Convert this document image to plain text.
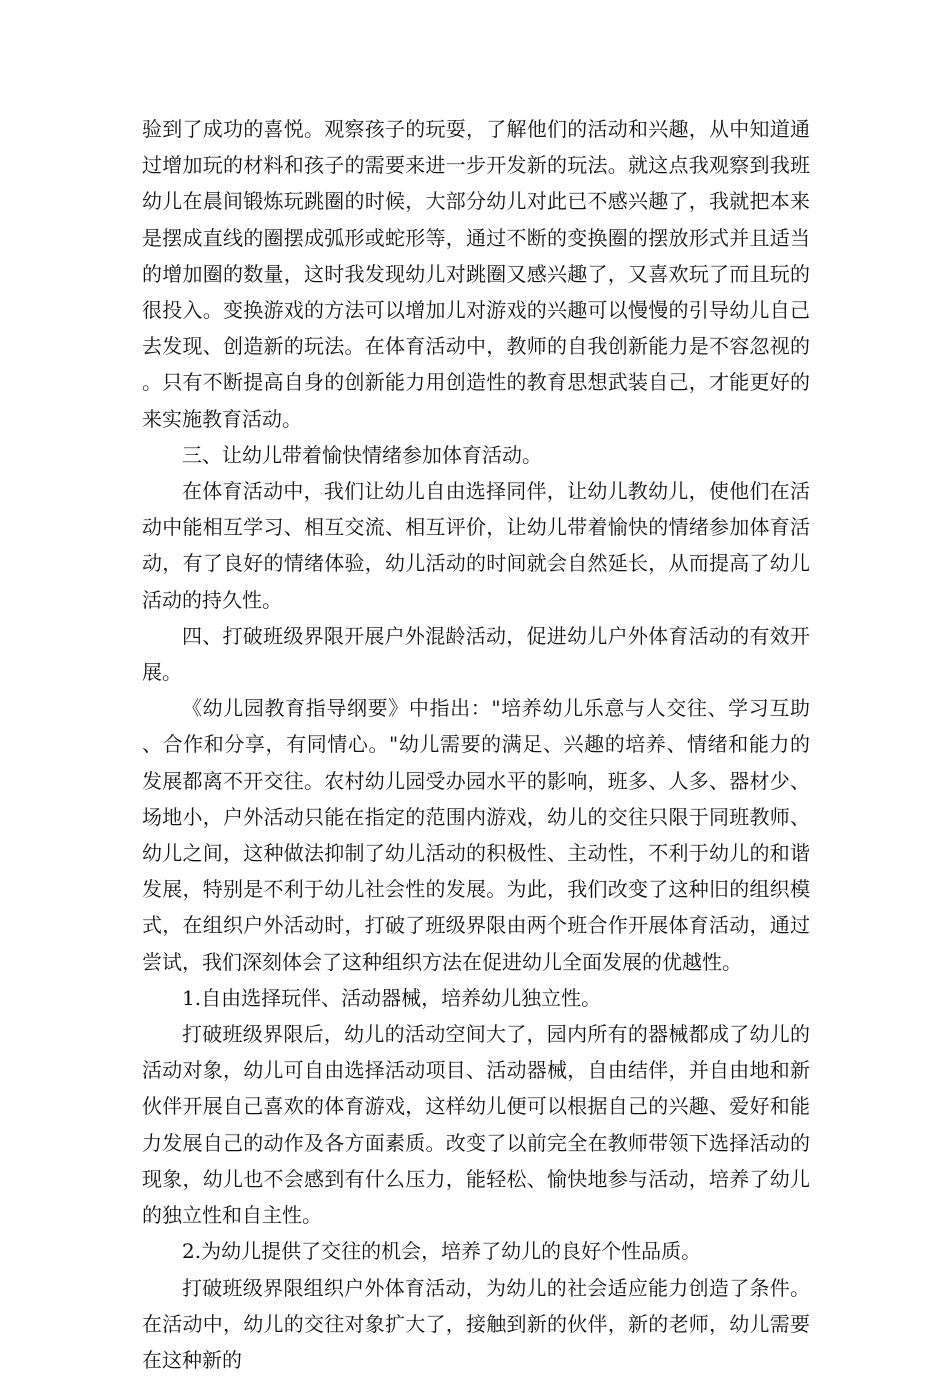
验到了成功的喜悦。观察孩子的玩耍，了解他们的活动和兴趣，从中知道通过增加玩的材料和孩子的需要来进一步开发新的玩法。就这点我观察到我班幼儿在晨间锻炼玩跳圈的时候，大部分幼儿对此已不感兴趣了，我就把本来是摆成直线的圈摆成弧形或蛇形等，通过不断的变换圈的摆放形式并且适当的增加圈的数量，这时我发现幼儿对跳圈又感兴趣了，又喜欢玩了而且玩的很投入。变换游戏的方法可以增加儿对游戏的兴趣可以慢慢的引导幼儿自己去发现、创造新的玩法。在体育活动中，教师的自我创新能力是不容忽视的。只有不断提高自身的创新能力用创造性的教育思想武装自己，才能更好的来实施教育活动。

三、让幼儿带着愉快情绪参加体育活动。

在体育活动中，我们让幼儿自由选择同伴，让幼儿教幼儿，使他们在活动中能相互学习、相互交流、相互评价，让幼儿带着愉快的情绪参加体育活动，有了良好的情绪体验，幼儿活动的时间就会自然延长，从而提高了幼儿活动的持久性。

四、打破班级界限开展户外混龄活动，促进幼儿户外体育活动的有效开展。

《幼儿园教育指导纲要》中指出："培养幼儿乐意与人交往、学习互助、合作和分享，有同情心。"幼儿需要的满足、兴趣的培养、情绪和能力的发展都离不开交往。农村幼儿园受办园水平的影响，班多、人多、器材少、场地小，户外活动只能在指定的范围内游戏，幼儿的交往只限于同班教师、幼儿之间，这种做法抑制了幼儿活动的积极性、主动性，不利于幼儿的和谐发展，特别是不利于幼儿社会性的发展。为此，我们改变了这种旧的组织模式，在组织户外活动时，打破了班级界限由两个班合作开展体育活动，通过尝试，我们深刻体会了这种组织方法在促进幼儿全面发展的优越性。

1.自由选择玩伴、活动器械，培养幼儿独立性。

打破班级界限后，幼儿的活动空间大了，园内所有的器械都成了幼儿的活动对象，幼儿可自由选择活动项目、活动器械，自由结伴，并自由地和新伙伴开展自己喜欢的体育游戏，这样幼儿便可以根据自己的兴趣、爱好和能力发展自己的动作及各方面素质。改变了以前完全在教师带领下选择活动的现象，幼儿也不会感到有什么压力，能轻松、愉快地参与活动，培养了幼儿的独立性和自主性。

2.为幼儿提供了交往的机会，培养了幼儿的良好个性品质。

打破班级界限组织户外体育活动，为幼儿的社会适应能力创造了条件。在活动中，幼儿的交往对象扩大了，接触到新的伙伴，新的老师，幼儿需要在这种新的
